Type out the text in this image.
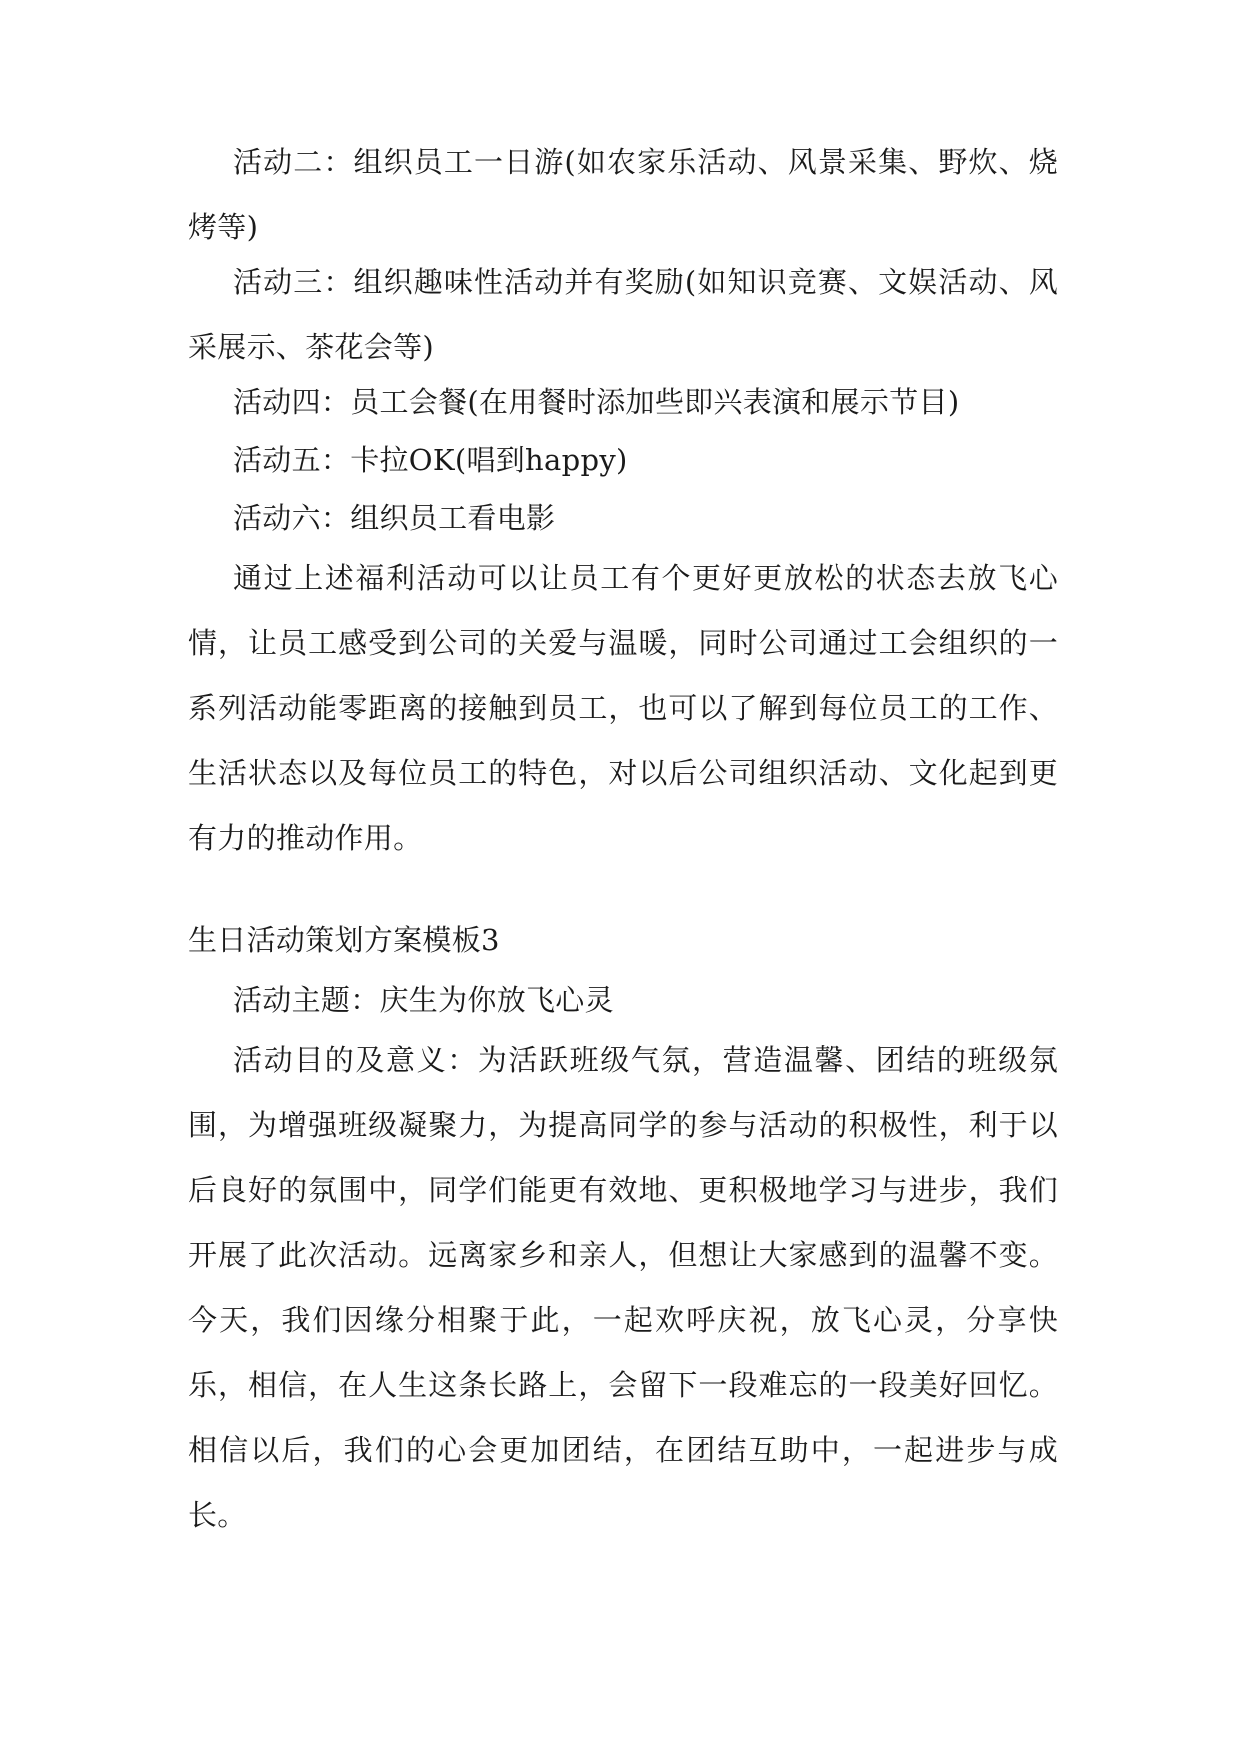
活动二：组织员工一日游(如农家乐活动、风景采集、野炊、烧烤等)

活动三：组织趣味性活动并有奖励(如知识竞赛、文娱活动、风采展示、茶花会等)

活动四：员工会餐(在用餐时添加些即兴表演和展示节目)

活动五：卡拉OK(唱到happy)

活动六：组织员工看电影

通过上述福利活动可以让员工有个更好更放松的状态去放飞心情，让员工感受到公司的关爱与温暖，同时公司通过工会组织的一系列活动能零距离的接触到员工，也可以了解到每位员工的工作、生活状态以及每位员工的特色，对以后公司组织活动、文化起到更有力的推动作用。

生日活动策划方案模板3

活动主题：庆生为你放飞心灵

活动目的及意义：为活跃班级气氛，营造温馨、团结的班级氛围，为增强班级凝聚力，为提高同学的参与活动的积极性，利于以后良好的氛围中，同学们能更有效地、更积极地学习与进步，我们开展了此次活动。远离家乡和亲人，但想让大家感到的温馨不变。今天，我们因缘分相聚于此，一起欢呼庆祝，放飞心灵，分享快乐，相信，在人生这条长路上，会留下一段难忘的一段美好回忆。相信以后，我们的心会更加团结，在团结互助中，一起进步与成长。
